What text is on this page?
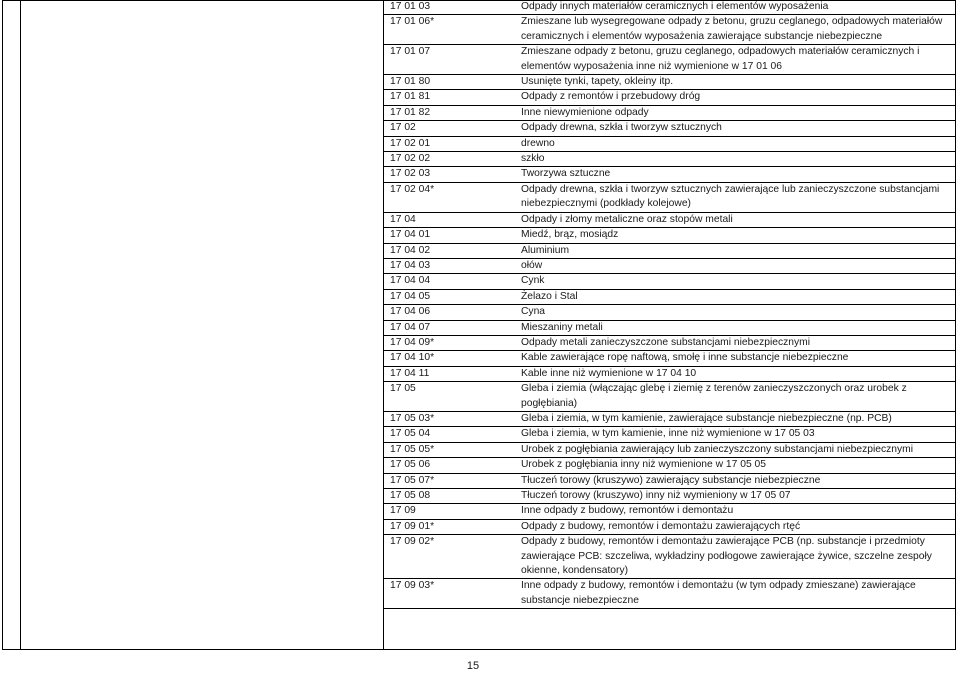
17 01 03	Odpady innych materiałów ceramicznych i elementów wyposażenia
17 01 06*	Zmieszane lub wysegregowane odpady z betonu, gruzu ceglanego, odpadowych materiałów ceramicznych i elementów wyposażenia zawierające substancje niebezpieczne
17 01 07	Zmieszane odpady z betonu, gruzu ceglanego, odpadowych materiałów ceramicznych i elementów wyposażenia inne niż wymienione w 17 01 06
17 01 80	Usunięte tynki, tapety, okleiny itp.
17 01 81	Odpady z remontów i przebudowy dróg
17 01 82	Inne niewymienione odpady
17 02	Odpady drewna, szkła i tworzyw sztucznych
17 02 01	drewno
17 02 02	szkło
17 02 03	Tworzywa sztuczne
17 02 04*	Odpady drewna, szkła i tworzyw sztucznych zawierające lub zanieczyszczone substancjami niebezpiecznymi (podkłady kolejowe)
17 04	Odpady i złomy metaliczne oraz stopów metali
17 04 01	Miedź, brąz, mosiądz
17 04 02	Aluminium
17 04 03	ołów
17 04 04	Cynk
17 04 05	Żelazo i Stal
17 04 06	Cyna
17 04 07	Mieszaniny metali
17 04 09*	Odpady metali zanieczyszczone substancjami niebezpiecznymi
17 04 10*	Kable zawierające ropę naftową, smołę i inne substancje niebezpieczne
17 04 11	Kable inne niż wymienione w 17 04 10
17 05	Gleba i ziemia (włączając glebę i ziemię z terenów zanieczyszczonych oraz urobek z pogłębiania)
17 05 03*	Gleba i ziemia, w tym kamienie, zawierające substancje niebezpieczne (np. PCB)
17 05 04	Gleba i ziemia, w tym kamienie, inne niż wymienione w 17 05 03
17 05 05*	Urobek z pogłębiania zawierający lub zanieczyszczony substancjami niebezpiecznymi
17 05 06	Urobek z pogłębiania inny niż wymienione w 17 05 05
17 05 07*	Tłuczeń torowy (kruszywo) zawierający substancje niebezpieczne
17 05 08	Tłuczeń torowy (kruszywo) inny niż wymieniony w 17 05 07
17 09	Inne odpady z budowy, remontów i demontażu
17 09 01*	Odpady z budowy, remontów i demontażu zawierających rtęć
17 09 02*	Odpady z budowy, remontów i demontażu zawierające PCB (np. substancje i przedmioty zawierające PCB: szczeliwa, wykładziny podłogowe zawierające żywice, szczelne zespoły okienne, kondensatory)
17 09 03*	Inne odpady z budowy, remontów i demontażu (w tym odpady zmieszane) zawierające substancje niebezpieczne
15
